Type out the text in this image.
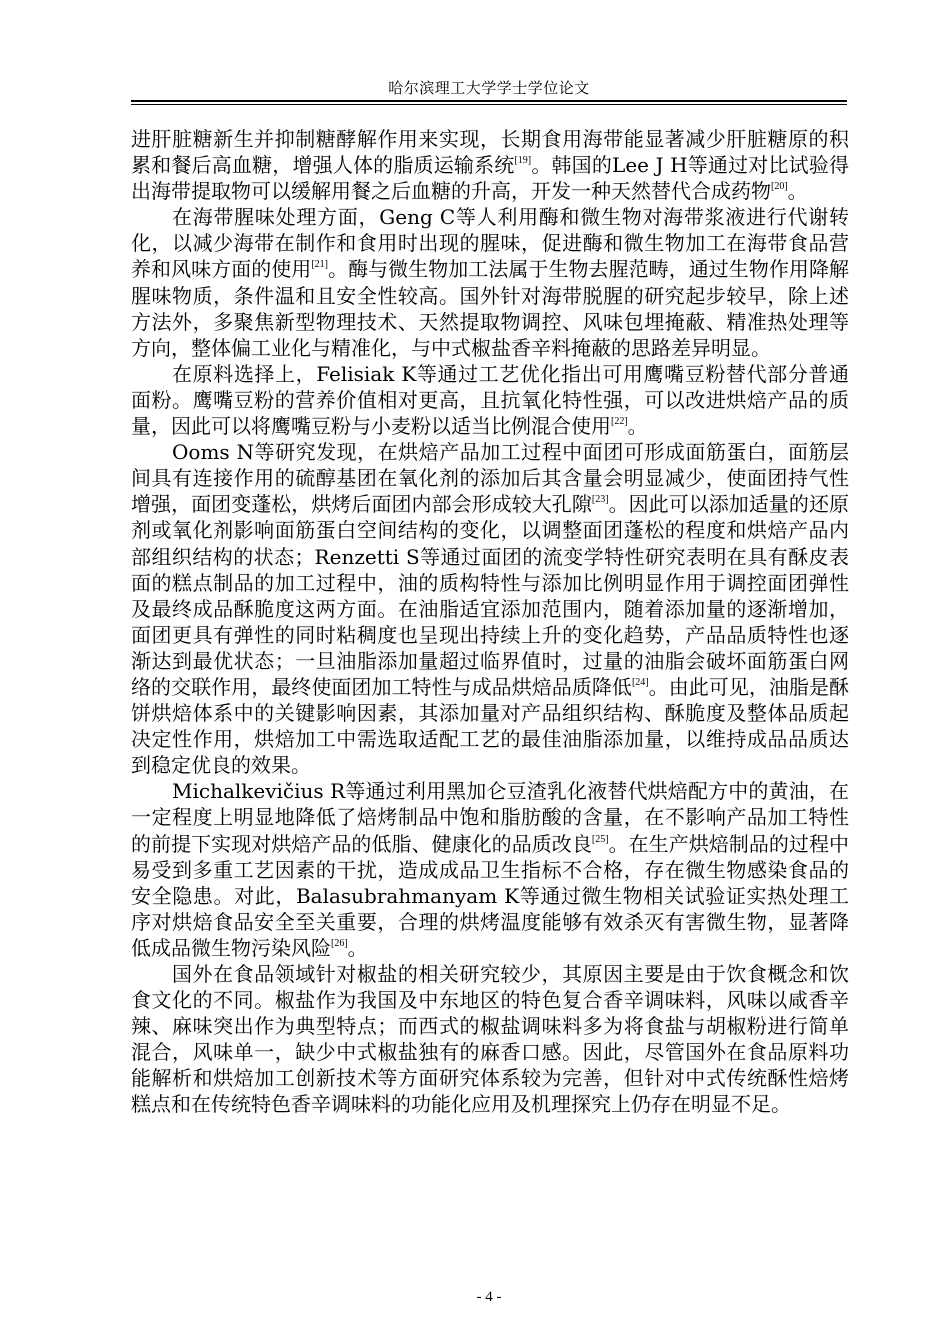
哈尔滨理工大学学士学位论文

进肝脏糖新生并抑制糖酵解作用来实现，长期食用海带能显著减少肝脏糖原的积累和餐后高血糖，增强人体的脂质运输系统[19]。韩国的Lee J H等通过对比试验得出海带提取物可以缓解用餐之后血糖的升高，开发一种天然替代合成药物[20]。

在海带腥味处理方面，Geng C等人利用酶和微生物对海带浆液进行代谢转化，以减少海带在制作和食用时出现的腥味，促进酶和微生物加工在海带食品营养和风味方面的使用[21]。酶与微生物加工法属于生物去腥范畴，通过生物作用降解腥味物质，条件温和且安全性较高。国外针对海带脱腥的研究起步较早，除上述方法外，多聚焦新型物理技术、天然提取物调控、风味包埋掩蔽、精准热处理等方向，整体偏工业化与精准化，与中式椒盐香辛料掩蔽的思路差异明显。

在原料选择上，Felisiak K等通过工艺优化指出可用鹰嘴豆粉替代部分普通面粉。鹰嘴豆粉的营养价值相对更高，且抗氧化特性强，可以改进烘焙产品的质量，因此可以将鹰嘴豆粉与小麦粉以适当比例混合使用[22]。

Ooms N等研究发现，在烘焙产品加工过程中面团可形成面筋蛋白，面筋层间具有连接作用的硫醇基团在氧化剂的添加后其含量会明显减少，使面团持气性增强，面团变蓬松，烘烤后面团内部会形成较大孔隙[23]。因此可以添加适量的还原剂或氧化剂影响面筋蛋白空间结构的变化，以调整面团蓬松的程度和烘焙产品内部组织结构的状态；Renzetti S等通过面团的流变学特性研究表明在具有酥皮表面的糕点制品的加工过程中，油的质构特性与添加比例明显作用于调控面团弹性及最终成品酥脆度这两方面。在油脂适宜添加范围内，随着添加量的逐渐增加，面团更具有弹性的同时粘稠度也呈现出持续上升的变化趋势，产品品质特性也逐渐达到最优状态；一旦油脂添加量超过临界值时，过量的油脂会破坏面筋蛋白网络的交联作用，最终使面团加工特性与成品烘焙品质降低[24]。由此可见，油脂是酥饼烘焙体系中的关键影响因素，其添加量对产品组织结构、酥脆度及整体品质起决定性作用，烘焙加工中需选取适配工艺的最佳油脂添加量，以维持成品品质达到稳定优良的效果。

Michalkevičius R等通过利用黑加仑豆渣乳化液替代烘焙配方中的黄油，在一定程度上明显地降低了焙烤制品中饱和脂肪酸的含量，在不影响产品加工特性的前提下实现对烘焙产品的低脂、健康化的品质改良[25]。在生产烘焙制品的过程中易受到多重工艺因素的干扰，造成成品卫生指标不合格，存在微生物感染食品的安全隐患。对此，Balasubrahmanyam K等通过微生物相关试验证实热处理工序对烘焙食品安全至关重要，合理的烘烤温度能够有效杀灭有害微生物，显著降低成品微生物污染风险[26]。

国外在食品领域针对椒盐的相关研究较少，其原因主要是由于饮食概念和饮食文化的不同。椒盐作为我国及中东地区的特色复合香辛调味料，风味以咸香辛辣、麻味突出作为典型特点；而西式的椒盐调味料多为将食盐与胡椒粉进行简单混合，风味单一，缺少中式椒盐独有的麻香口感。因此，尽管国外在食品原料功能解析和烘焙加工创新技术等方面研究体系较为完善，但针对中式传统酥性焙烤糕点和在传统特色香辛调味料的功能化应用及机理探究上仍存在明显不足。

- 4 -
